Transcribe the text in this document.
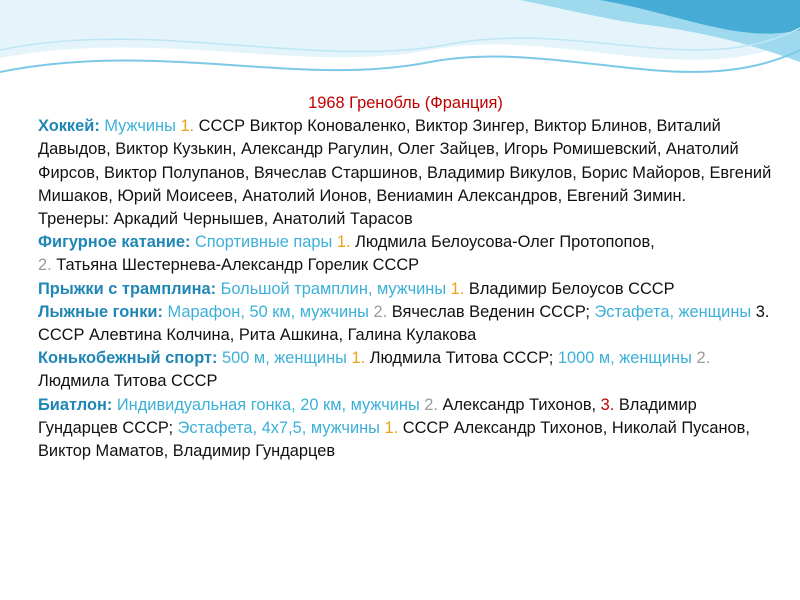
1968 Гренобль (Франция)

Хоккей: Мужчины 1. СССР Виктор Коноваленко, Виктор Зингер, Виктор Блинов, Виталий Давыдов, Виктор Кузькин, Александр Рагулин, Олег Зайцев, Игорь Ромишевский, Анатолий Фирсов, Виктор Полупанов, Вячеслав Старшинов, Владимир Викулов, Борис Майоров, Евгений Мишаков, Юрий Моисеев, Анатолий Ионов, Вениамин Александров, Евгений Зимин.
Тренеры: Аркадий Чернышев, Анатолий Тарасов

Фигурное катание: Спортивные пары 1. Людмила Белоусова-Олег Протопопов,
2. Татьяна Шестернева-Александр Горелик СССР

Прыжки с трамплина: Большой трамплин, мужчины 1. Владимир Белоусов СССР

Лыжные гонки: Марафон, 50 км, мужчины 2. Вячеслав Веденин СССР; Эстафета, женщины 3. СССР Алевтина Колчина, Рита Ашкина, Галина Кулакова

Конькобежный спорт: 500 м, женщины 1. Людмила Титова СССР; 1000 м, женщины 2. Людмила Титова СССР

Биатлон: Индивидуальная гонка, 20 км, мужчины 2. Александр Тихонов, 3. Владимир Гундарцев СССР; Эстафета, 4х7,5, мужчины 1. СССР Александр Тихонов, Николай Пусанов, Виктор Маматов, Владимир Гундарцев
